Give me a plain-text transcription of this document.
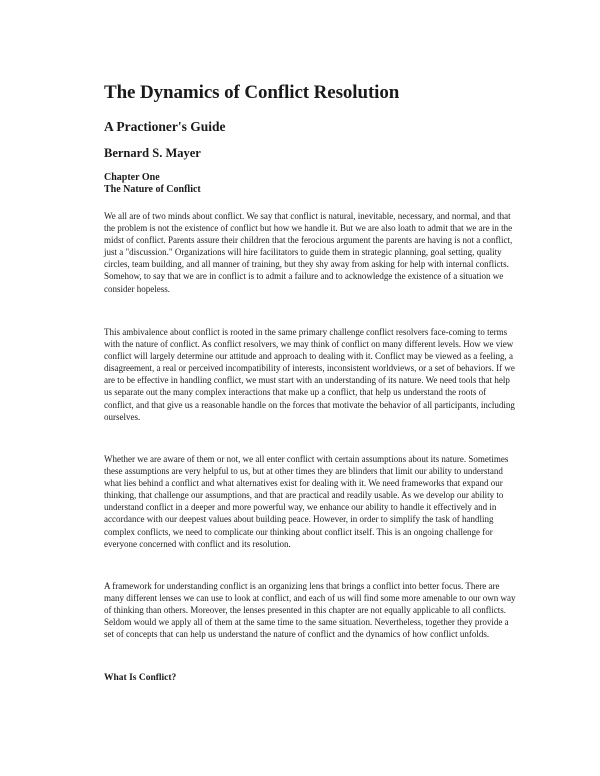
The Dynamics of Conflict Resolution
A Practioner's Guide
Bernard S. Mayer
Chapter One
The Nature of Conflict

We all are of two minds about conflict. We say that conflict is natural, inevitable, necessary, and normal, and that the problem is not the existence of conflict but how we handle it. But we are also loath to admit that we are in the midst of conflict. Parents assure their children that the ferocious argument the parents are having is not a conflict, just a "discussion." Organizations will hire facilitators to guide them in strategic planning, goal setting, quality circles, team building, and all manner of training, but they shy away from asking for help with internal conflicts. Somehow, to say that we are in conflict is to admit a failure and to acknowledge the existence of a situation we consider hopeless.

This ambivalence about conflict is rooted in the same primary challenge conflict resolvers face-coming to terms with the nature of conflict. As conflict resolvers, we may think of conflict on many different levels. How we view conflict will largely determine our attitude and approach to dealing with it. Conflict may be viewed as a feeling, a disagreement, a real or perceived incompatibility of interests, inconsistent worldviews, or a set of behaviors. If we are to be effective in handling conflict, we must start with an understanding of its nature. We need tools that help us separate out the many complex interactions that make up a conflict, that help us understand the roots of conflict, and that give us a reasonable handle on the forces that motivate the behavior of all participants, including ourselves.

Whether we are aware of them or not, we all enter conflict with certain assumptions about its nature. Sometimes these assumptions are very helpful to us, but at other times they are blinders that limit our ability to understand what lies behind a conflict and what alternatives exist for dealing with it. We need frameworks that expand our thinking, that challenge our assumptions, and that are practical and readily usable. As we develop our ability to understand conflict in a deeper and more powerful way, we enhance our ability to handle it effectively and in accordance with our deepest values about building peace. However, in order to simplify the task of handling complex conflicts, we need to complicate our thinking about conflict itself. This is an ongoing challenge for everyone concerned with conflict and its resolution.

A framework for understanding conflict is an organizing lens that brings a conflict into better focus. There are many different lenses we can use to look at conflict, and each of us will find some more amenable to our own way of thinking than others. Moreover, the lenses presented in this chapter are not equally applicable to all conflicts. Seldom would we apply all of them at the same time to the same situation. Nevertheless, together they provide a set of concepts that can help us understand the nature of conflict and the dynamics of how conflict unfolds.

What Is Conflict?
